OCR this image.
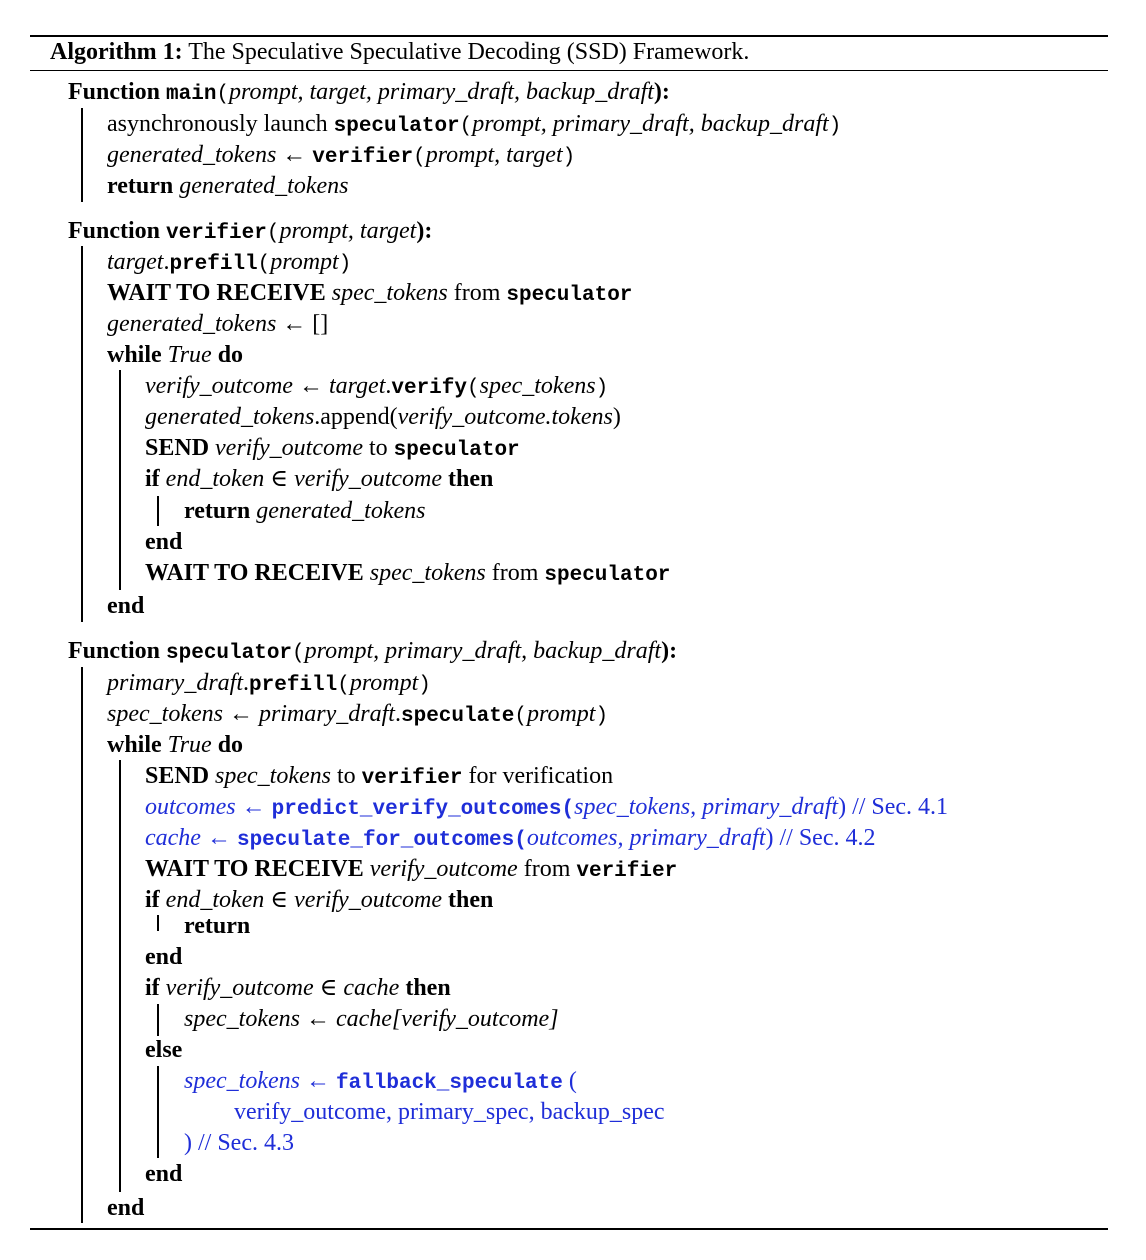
Algorithm 1: The Speculative Speculative Decoding (SSD) Framework.
Function main(prompt, target, primary_draft, backup_draft):
asynchronously launch speculator(prompt, primary_draft, backup_draft)
generated_tokens ← verifier(prompt, target)
return generated_tokens
Function verifier(prompt, target):
target.prefill(prompt)
WAIT TO RECEIVE spec_tokens from speculator
generated_tokens ← []
while True do
verify_outcome ← target.verify(spec_tokens)
generated_tokens.append(verify_outcome.tokens)
SEND verify_outcome to speculator
if end_token ∈ verify_outcome then
return generated_tokens
end
WAIT TO RECEIVE spec_tokens from speculator
end
Function speculator(prompt, primary_draft, backup_draft):
primary_draft.prefill(prompt)
spec_tokens ← primary_draft.speculate(prompt)
while True do
SEND spec_tokens to verifier for verification
outcomes ← predict_verify_outcomes(spec_tokens, primary_draft) // Sec. 4.1
cache ← speculate_for_outcomes(outcomes, primary_draft) // Sec. 4.2
WAIT TO RECEIVE verify_outcome from verifier
if end_token ∈ verify_outcome then
return
end
if verify_outcome ∈ cache then
spec_tokens ← cache[verify_outcome]
else
spec_tokens ← fallback_speculate (
verify_outcome, primary_spec, backup_spec
) // Sec. 4.3
end
end
